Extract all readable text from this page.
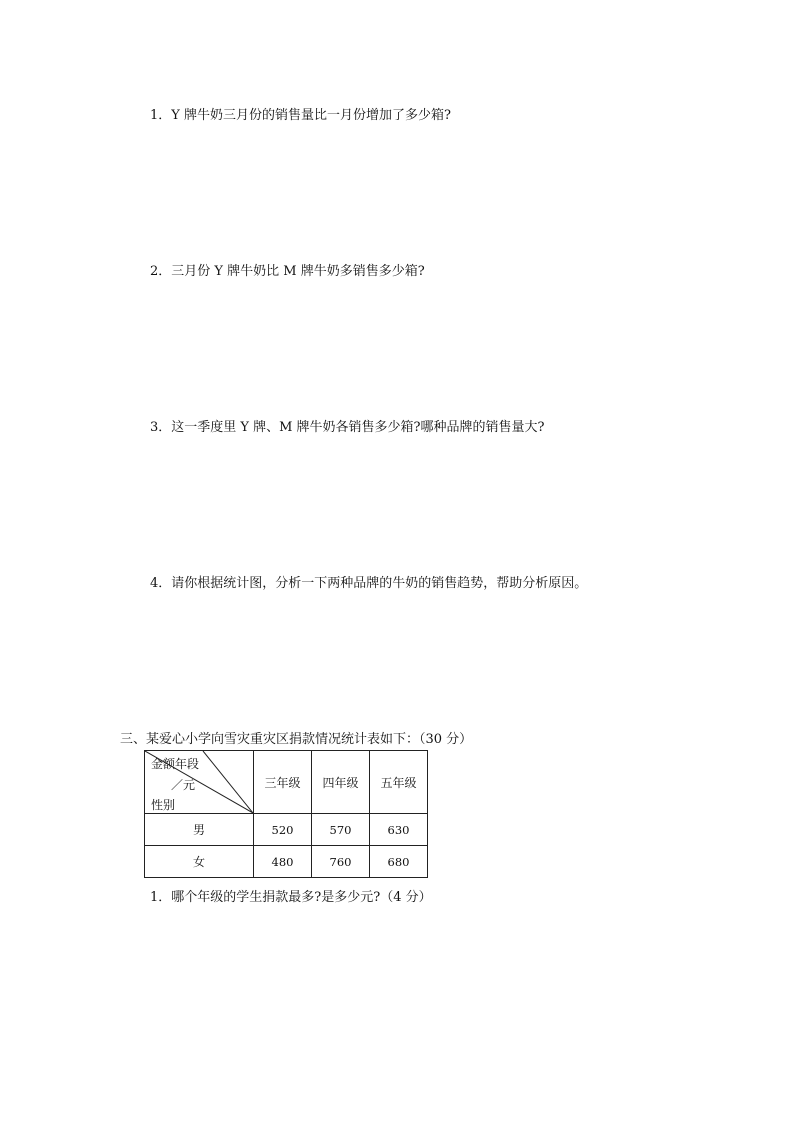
1．Y 牌牛奶三月份的销售量比一月份增加了多少箱?
2．三月份 Y 牌牛奶比 M 牌牛奶多销售多少箱?
3．这一季度里 Y 牌、M 牌牛奶各销售多少箱?哪种品牌的销售量大?
4．请你根据统计图，分析一下两种品牌的牛奶的销售趋势，帮助分析原因。
三、某爱心小学向雪灾重灾区捐款情况统计表如下：（30 分）
金额年段
／元
性别	三年级	四年级	五年级
男	520	570	630
女	480	760	680
1．哪个年级的学生捐款最多?是多少元?（4 分）
